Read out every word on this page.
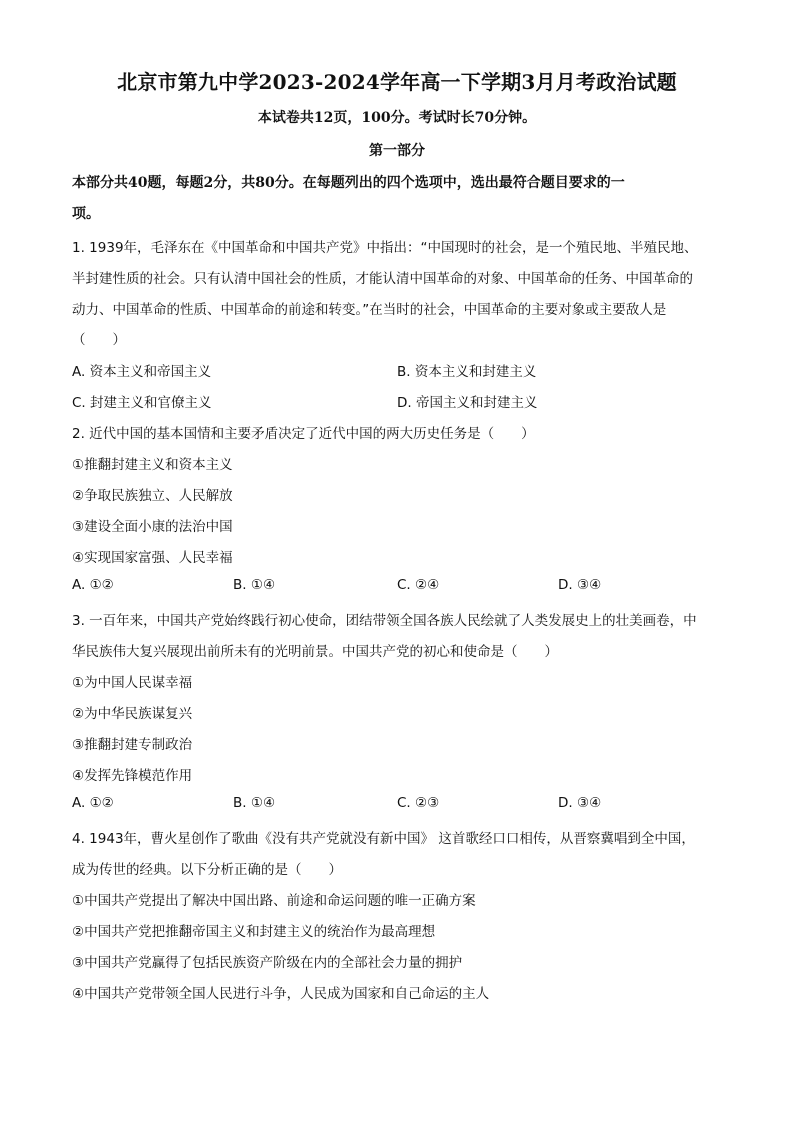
北京市第九中学2023-2024学年高一下学期3月月考政治试题
本试卷共12页，100分。考试时长70分钟。
第一部分
本部分共40题，每题2分，共80分。在每题列出的四个选项中，选出最符合题目要求的一
项。
1. 1939年，毛泽东在《中国革命和中国共产党》中指出：“中国现时的社会，是一个殖民地、半殖民地、
半封建性质的社会。只有认清中国社会的性质，才能认清中国革命的对象、中国革命的任务、中国革命的
动力、中国革命的性质、中国革命的前途和转变。”在当时的社会，中国革命的主要对象或主要敌人是
（　　）
A. 资本主义和帝国主义	B. 资本主义和封建主义
C. 封建主义和官僚主义	D. 帝国主义和封建主义
2. 近代中国的基本国情和主要矛盾决定了近代中国的两大历史任务是（　　）
①推翻封建主义和资本主义
②争取民族独立、人民解放
③建设全面小康的法治中国
④实现国家富强、人民幸福
A. ①②	B. ①④	C. ②④	D. ③④
3. 一百年来，中国共产党始终践行初心使命，团结带领全国各族人民绘就了人类发展史上的壮美画卷，中
华民族伟大复兴展现出前所未有的光明前景。中国共产党的初心和使命是（　　）
①为中国人民谋幸福
②为中华民族谋复兴
③推翻封建专制政治
④发挥先锋模范作用
A. ①②	B. ①④	C. ②③	D. ③④
4. 1943年，曹火星创作了歌曲《没有共产党就没有新中国》 这首歌经口口相传，从晋察冀唱到全中国，
成为传世的经典。以下分析正确的是（　　）
①中国共产党提出了解决中国出路、前途和命运问题的唯一正确方案
②中国共产党把推翻帝国主义和封建主义的统治作为最高理想
③中国共产党赢得了包括民族资产阶级在内的全部社会力量的拥护
④中国共产党带领全国人民进行斗争，人民成为国家和自己命运的主人
